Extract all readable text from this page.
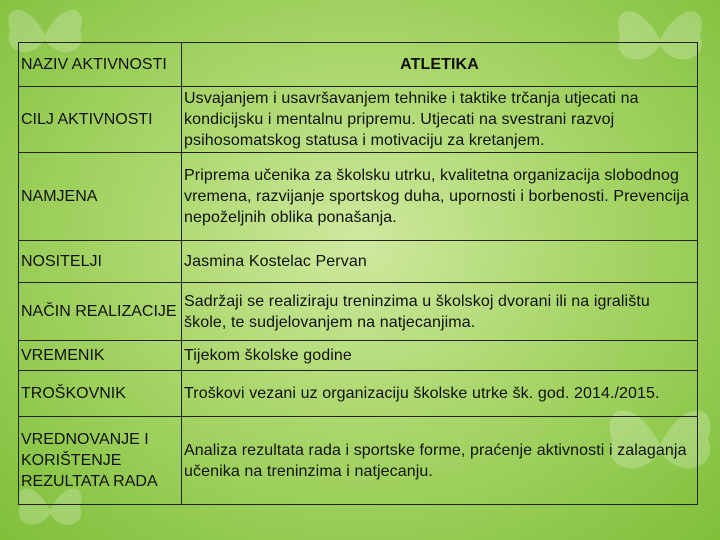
NAZIV AKTIVNOSTI	ATLETIKA
CILJ AKTIVNOSTI	Usvajanjem i usavršavanjem tehnike i taktike trčanja utjecati na kondicijsku i mentalnu pripremu. Utjecati na svestrani razvoj psihosomatskog statusa i motivaciju za kretanjem.
NAMJENA	Priprema učenika za školsku utrku, kvalitetna organizacija slobodnog vremena, razvijanje sportskog duha, upornosti i borbenosti. Prevencija nepoželjnih oblika ponašanja.
NOSITELJI	Jasmina Kostelac Pervan
NAČIN REALIZACIJE	Sadržaji se realiziraju treninzima u školskoj dvorani ili na igralištu škole, te sudjelovanjem na natjecanjima.
VREMENIK	Tijekom školske godine
TROŠKOVNIK	Troškovi vezani uz organizaciju školske utrke šk. god. 2014./2015.
VREDNOVANJE I KORIŠTENJE REZULTATA RADA	Analiza rezultata rada i sportske forme, praćenje aktivnosti i zalaganja učenika na treninzima i natjecanju.
